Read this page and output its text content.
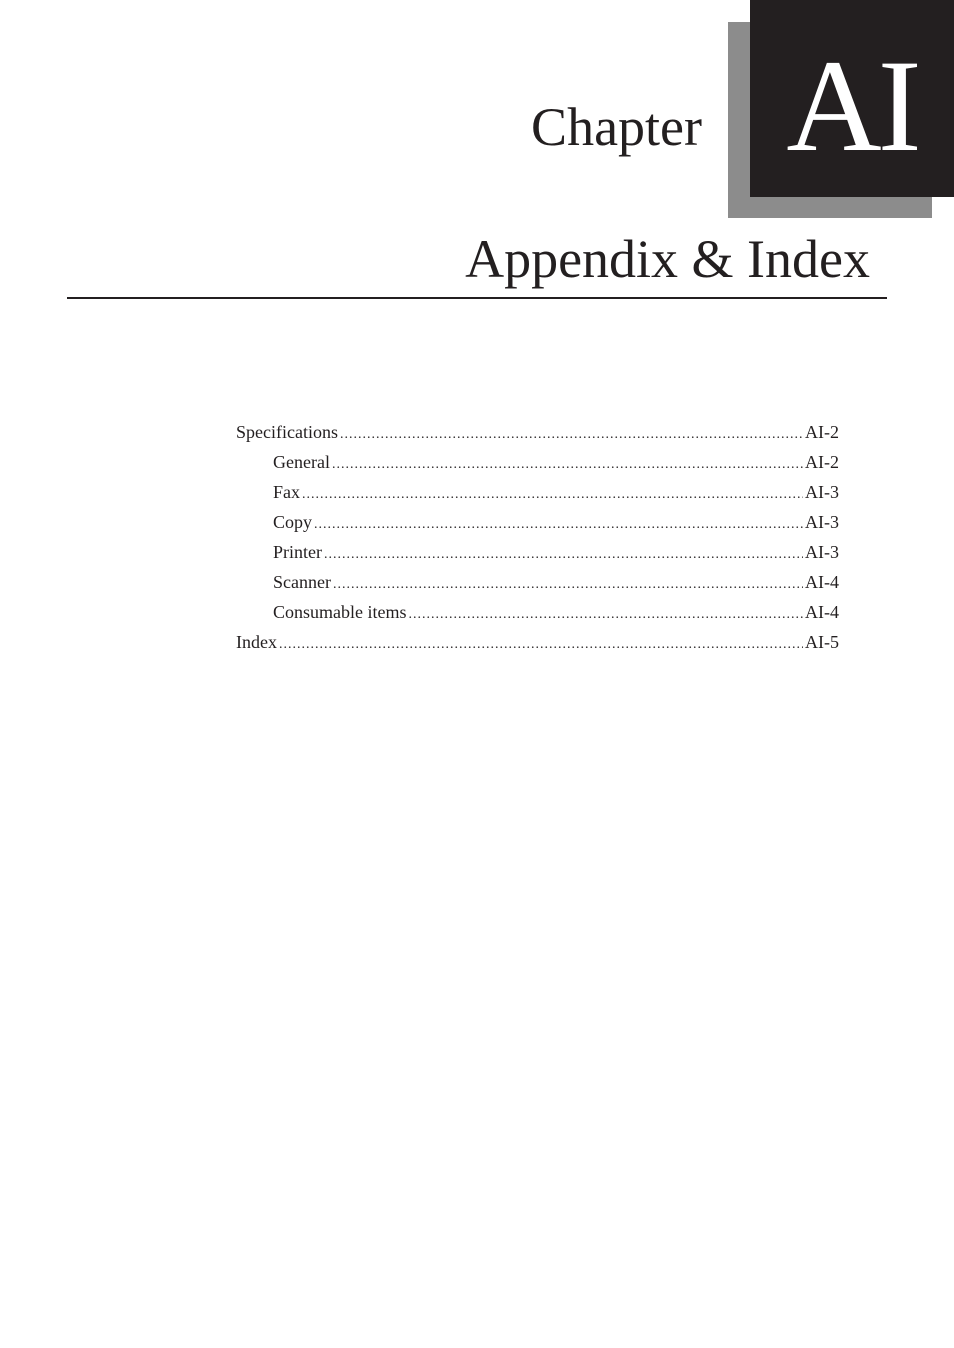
AI
Chapter
Appendix & Index
Specifications .....	AI-2
General .....	AI-2
Fax .....	AI-3
Copy .....	AI-3
Printer .....	AI-3
Scanner .....	AI-4
Consumable items .....	AI-4
Index .....	AI-5
